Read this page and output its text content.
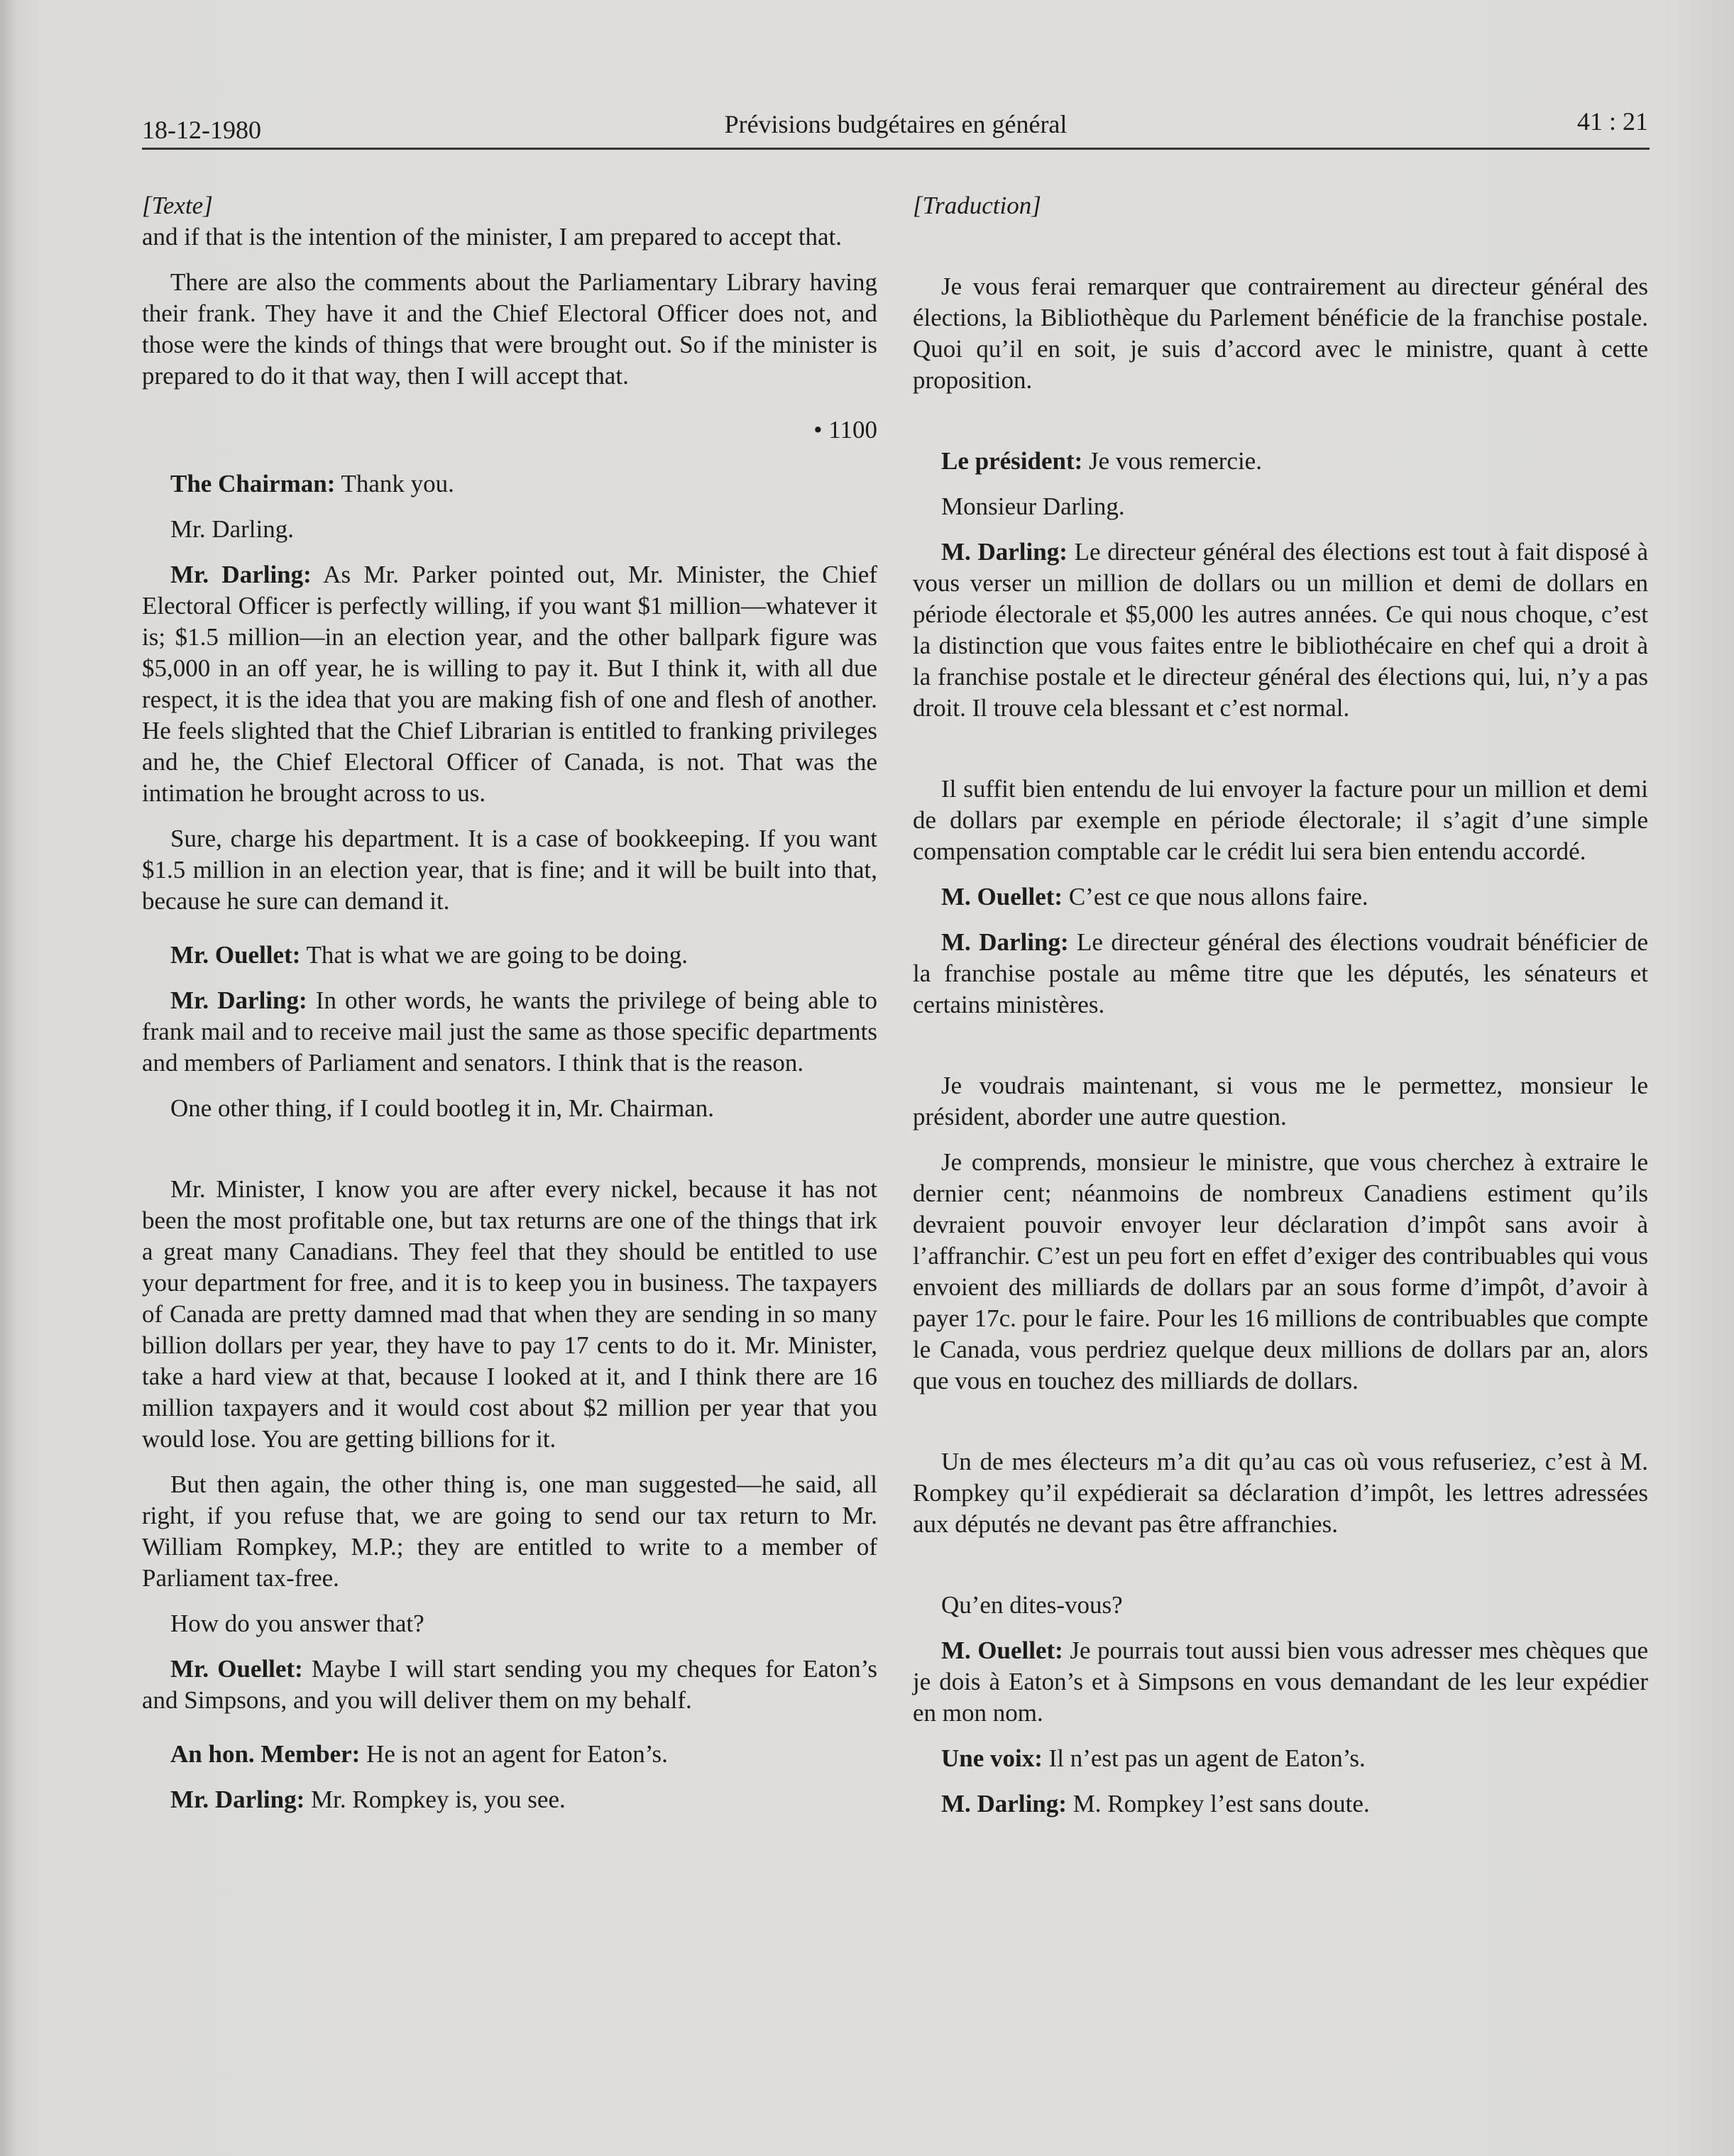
18-12-1980	Prévisions budgétaires en général	41 : 21

[Texte]

and if that is the intention of the minister, I am prepared to accept that.

There are also the comments about the Parliamentary Library having their frank. They have it and the Chief Electoral Officer does not, and those were the kinds of things that were brought out. So if the minister is prepared to do it that way, then I will accept that.

• 1100

The Chairman: Thank you.

Mr. Darling.

Mr. Darling: As Mr. Parker pointed out, Mr. Minister, the Chief Electoral Officer is perfectly willing, if you want $1 million—whatever it is; $1.5 million—in an election year, and the other ballpark figure was $5,000 in an off year, he is willing to pay it. But I think it, with all due respect, it is the idea that you are making fish of one and flesh of another. He feels slighted that the Chief Librarian is entitled to franking privileges and he, the Chief Electoral Officer of Canada, is not. That was the intimation he brought across to us.

Sure, charge his department. It is a case of bookkeeping. If you want $1.5 million in an election year, that is fine; and it will be built into that, because he sure can demand it.

Mr. Ouellet: That is what we are going to be doing.

Mr. Darling: In other words, he wants the privilege of being able to frank mail and to receive mail just the same as those specific departments and members of Parliament and senators. I think that is the reason.

One other thing, if I could bootleg it in, Mr. Chairman.

Mr. Minister, I know you are after every nickel, because it has not been the most profitable one, but tax returns are one of the things that irk a great many Canadians. They feel that they should be entitled to use your department for free, and it is to keep you in business. The taxpayers of Canada are pretty damned mad that when they are sending in so many billion dollars per year, they have to pay 17 cents to do it. Mr. Minister, take a hard view at that, because I looked at it, and I think there are 16 million taxpayers and it would cost about $2 million per year that you would lose. You are getting billions for it.

But then again, the other thing is, one man suggested—he said, all right, if you refuse that, we are going to send our tax return to Mr. William Rompkey, M.P.; they are entitled to write to a member of Parliament tax-free.

How do you answer that?

Mr. Ouellet: Maybe I will start sending you my cheques for Eaton’s and Simpsons, and you will deliver them on my behalf.

An hon. Member: He is not an agent for Eaton’s.

Mr. Darling: Mr. Rompkey is, you see.

[Traduction]

Je vous ferai remarquer que contrairement au directeur général des élections, la Bibliothèque du Parlement bénéficie de la franchise postale. Quoi qu’il en soit, je suis d’accord avec le ministre, quant à cette proposition.

Le président: Je vous remercie.

Monsieur Darling.

M. Darling: Le directeur général des élections est tout à fait disposé à vous verser un million de dollars ou un million et demi de dollars en période électorale et $5,000 les autres années. Ce qui nous choque, c’est la distinction que vous faites entre le bibliothécaire en chef qui a droit à la franchise postale et le directeur général des élections qui, lui, n’y a pas droit. Il trouve cela blessant et c’est normal.

Il suffit bien entendu de lui envoyer la facture pour un million et demi de dollars par exemple en période électorale; il s’agit d’une simple compensation comptable car le crédit lui sera bien entendu accordé.

M. Ouellet: C’est ce que nous allons faire.

M. Darling: Le directeur général des élections voudrait bénéficier de la franchise postale au même titre que les députés, les sénateurs et certains ministères.

Je voudrais maintenant, si vous me le permettez, monsieur le président, aborder une autre question.

Je comprends, monsieur le ministre, que vous cherchez à extraire le dernier cent; néanmoins de nombreux Canadiens estiment qu’ils devraient pouvoir envoyer leur déclaration d’impôt sans avoir à l’affranchir. C’est un peu fort en effet d’exiger des contribuables qui vous envoient des milliards de dollars par an sous forme d’impôt, d’avoir à payer 17c. pour le faire. Pour les 16 millions de contribuables que compte le Canada, vous perdriez quelque deux millions de dollars par an, alors que vous en touchez des milliards de dollars.

Un de mes électeurs m’a dit qu’au cas où vous refuseriez, c’est à M. Rompkey qu’il expédierait sa déclaration d’impôt, les lettres adressées aux députés ne devant pas être affranchies.

Qu’en dites-vous?

M. Ouellet: Je pourrais tout aussi bien vous adresser mes chèques que je dois à Eaton’s et à Simpsons en vous demandant de les leur expédier en mon nom.

Une voix: Il n’est pas un agent de Eaton’s.

M. Darling: M. Rompkey l’est sans doute.
